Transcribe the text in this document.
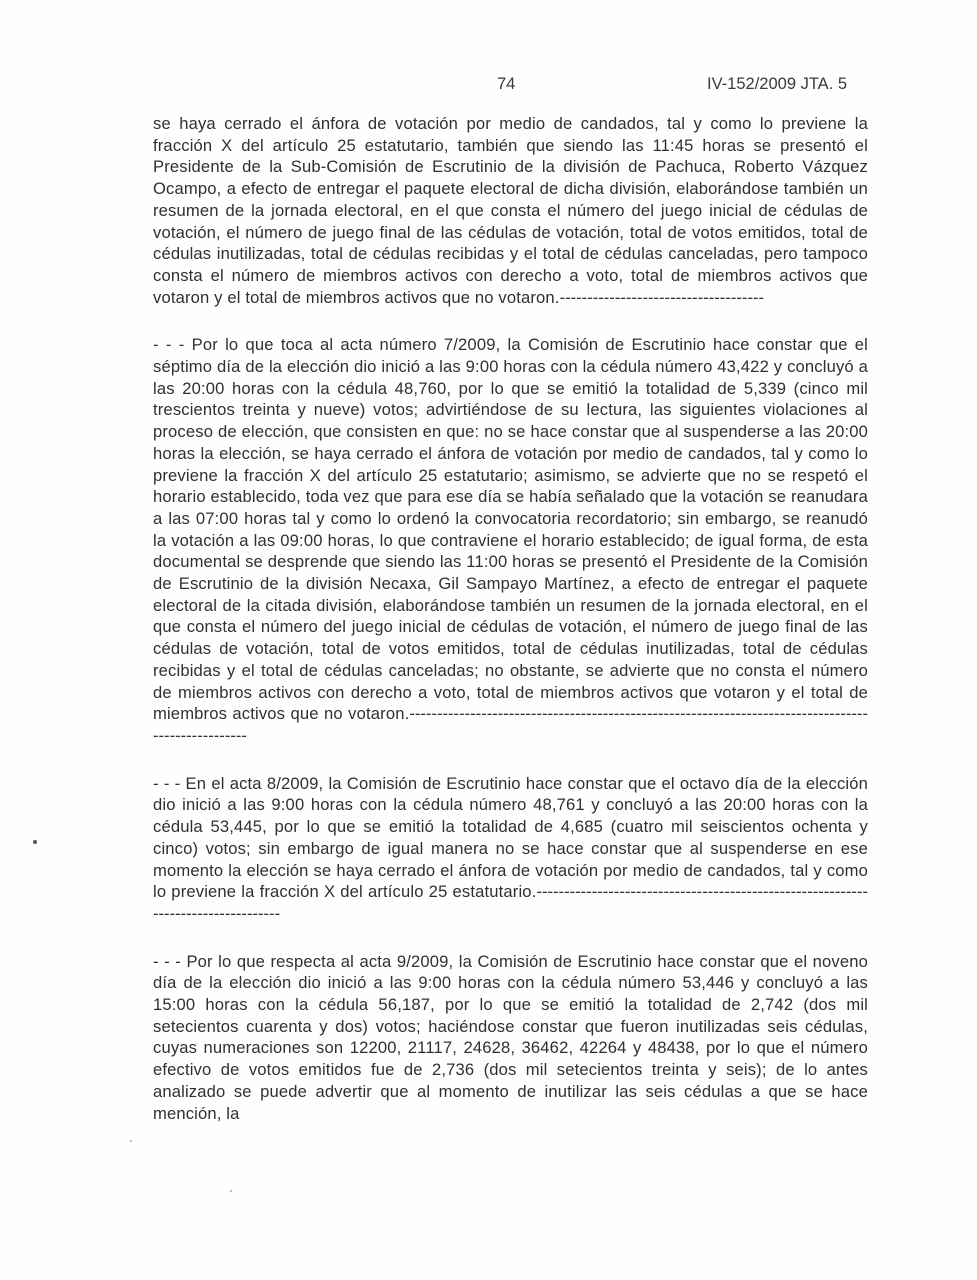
74	IV-152/2009 JTA. 5

se haya cerrado el ánfora de votación por medio de candados, tal y como lo previene la fracción X del artículo 25 estatutario, también que siendo las 11:45 horas se presentó el Presidente de la Sub-Comisión de Escrutinio de la división de Pachuca, Roberto Vázquez Ocampo, a efecto de entregar el paquete electoral de dicha división, elaborándose también un resumen de la jornada electoral, en el que consta el número del juego inicial de cédulas de votación, el número de juego final de las cédulas de votación, total de votos emitidos, total de cédulas inutilizadas, total de cédulas recibidas y el total de cédulas canceladas, pero tampoco consta el número de miembros activos con derecho a voto, total de miembros activos que votaron y el total de miembros activos que no votaron.-------------------------------------

- - - Por lo que toca al acta número 7/2009, la Comisión de Escrutinio hace constar que el séptimo día de la elección dio inició a las 9:00 horas con la cédula número 43,422 y concluyó a las 20:00 horas con la cédula 48,760, por lo que se emitió la totalidad de 5,339 (cinco mil trescientos treinta y nueve) votos; advirtiéndose de su lectura, las siguientes violaciones al proceso de elección, que consisten en que: no se hace constar que al suspenderse a las 20:00 horas la elección, se haya cerrado el ánfora de votación por medio de candados, tal y como lo previene la fracción X del artículo 25 estatutario; asimismo, se advierte que no se respetó el horario establecido, toda vez que para ese día se había señalado que la votación se reanudara a las 07:00 horas tal y como lo ordenó la convocatoria recordatorio; sin embargo, se reanudó la votación a las 09:00 horas, lo que contraviene el horario establecido; de igual forma, de esta documental se desprende que siendo las 11:00 horas se presentó el Presidente de la Comisión de Escrutinio de la división Necaxa, Gil Sampayo Martínez, a efecto de entregar el paquete electoral de la citada división, elaborándose también un resumen de la jornada electoral, en el que consta el número del juego inicial de cédulas de votación, el número de juego final de las cédulas de votación, total de votos emitidos, total de cédulas inutilizadas, total de cédulas recibidas y el total de cédulas canceladas; no obstante, se advierte que no consta el número de miembros activos con derecho a voto, total de miembros activos que votaron y el total de miembros activos que no votaron.----------------------------------------------------------------------------------------------------

- - - En el acta 8/2009, la Comisión de Escrutinio hace constar que el octavo día de la elección dio inició a las 9:00 horas con la cédula número 48,761 y concluyó a las 20:00 horas con la cédula 53,445, por lo que se emitió la totalidad de 4,685 (cuatro mil seiscientos ochenta y cinco) votos; sin embargo de igual manera no se hace constar que al suspenderse en ese momento la elección se haya cerrado el ánfora de votación por medio de candados, tal y como lo previene la fracción X del artículo 25 estatutario.-----------------------------------------------------------------------------------

- - - Por lo que respecta al acta 9/2009, la Comisión de Escrutinio hace constar que el noveno día de la elección dio inició a las 9:00 horas con la cédula número 53,446 y concluyó a las 15:00 horas con la cédula 56,187, por lo que se emitió la totalidad de 2,742 (dos mil setecientos cuarenta y dos) votos; haciéndose constar que fueron inutilizadas seis cédulas, cuyas numeraciones son 12200, 21117, 24628, 36462, 42264 y 48438, por lo que el número efectivo de votos emitidos fue de 2,736 (dos mil setecientos treinta y seis); de lo antes analizado se puede advertir que al momento de inutilizar las seis cédulas a que se hace mención, la
